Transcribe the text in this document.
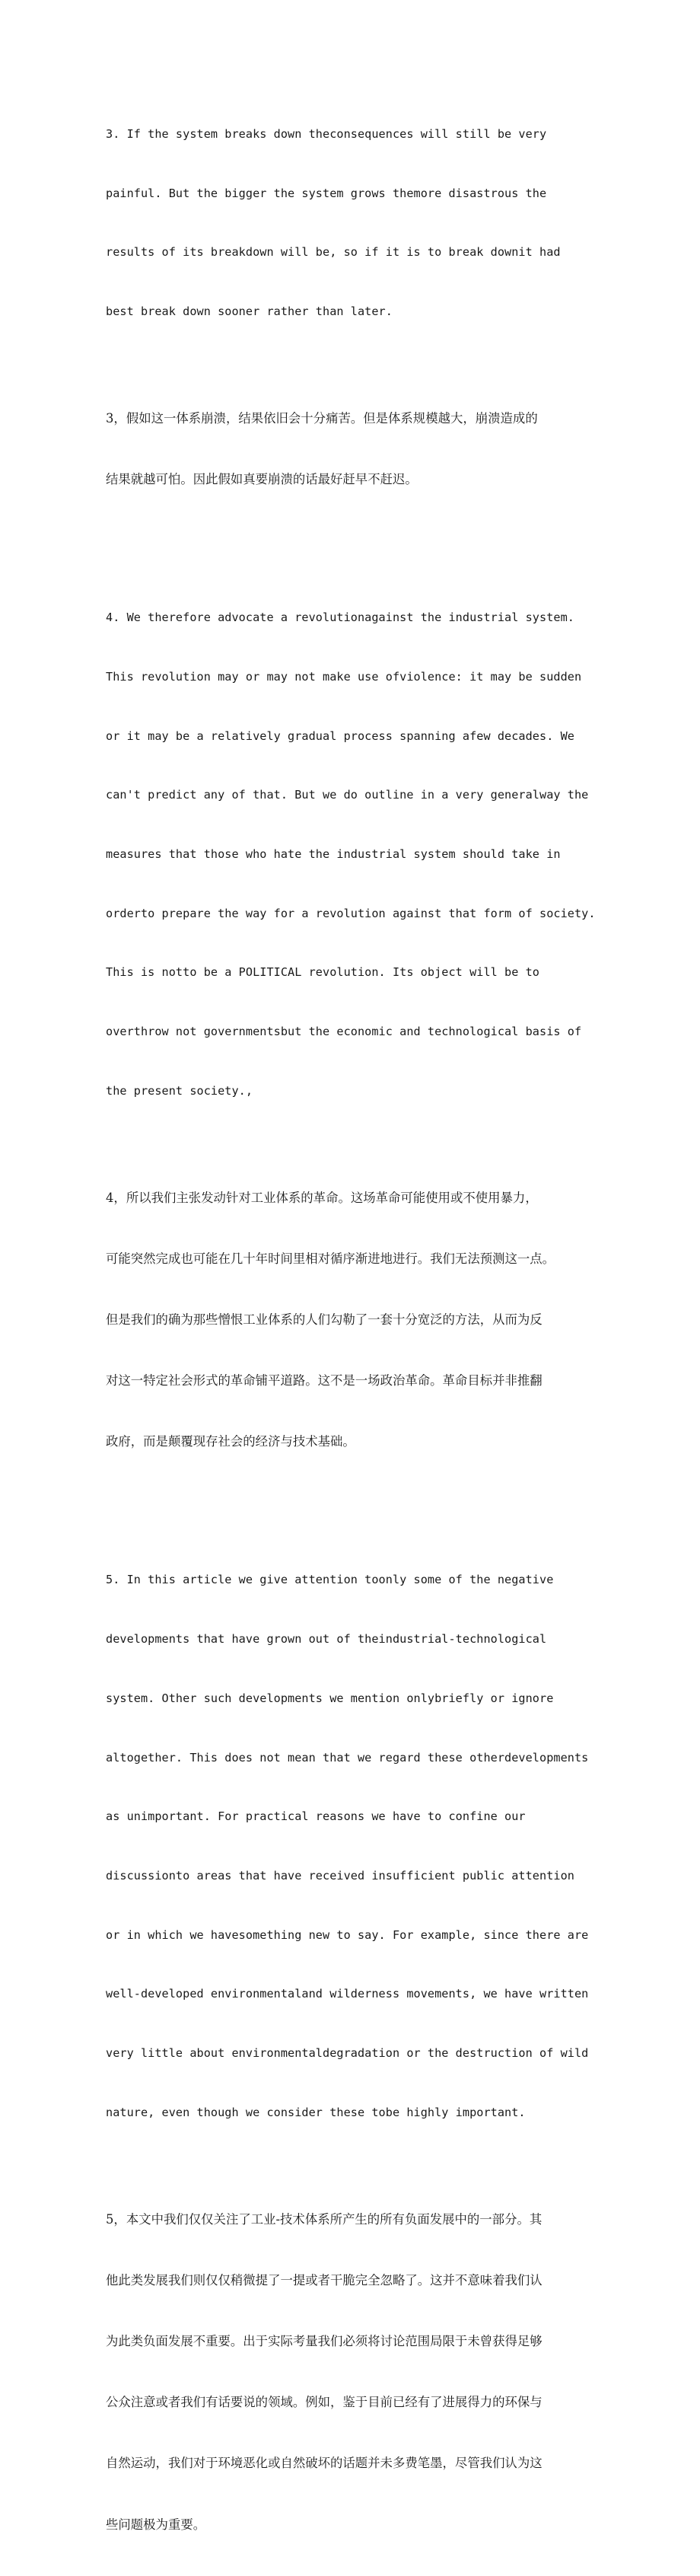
3. If the system breaks down theconsequences will still be very

painful. But the bigger the system grows themore disastrous the

results of its breakdown will be, so if it is to break downit had

best break down sooner rather than later.

3，假如这一体系崩溃，结果依旧会十分痛苦。但是体系规模越大，崩溃造成的

结果就越可怕。因此假如真要崩溃的话最好赶早不赶迟。

4. We therefore advocate a revolutionagainst the industrial system.

This revolution may or may not make use ofviolence: it may be sudden

or it may be a relatively gradual process spanning afew decades. We

can't predict any of that. But we do outline in a very generalway the

measures that those who hate the industrial system should take in

orderto prepare the way for a revolution against that form of society.

This is notto be a POLITICAL revolution. Its object will be to

overthrow not governmentsbut the economic and technological basis of

the present society.,

4，所以我们主张发动针对工业体系的革命。这场革命可能使用或不使用暴力，

可能突然完成也可能在几十年时间里相对循序渐进地进行。我们无法预测这一点。

但是我们的确为那些憎恨工业体系的人们勾勒了一套十分宽泛的方法，从而为反

对这一特定社会形式的革命铺平道路。这不是一场政治革命。革命目标并非推翻

政府，而是颠覆现存社会的经济与技术基础。

5. In this article we give attention toonly some of the negative

developments that have grown out of theindustrial-technological

system. Other such developments we mention onlybriefly or ignore

altogether. This does not mean that we regard these otherdevelopments

as unimportant. For practical reasons we have to confine our

discussionto areas that have received insufficient public attention

or in which we havesomething new to say. For example, since there are

well-developed environmentaland wilderness movements, we have written

very little about environmentaldegradation or the destruction of wild

nature, even though we consider these tobe highly important.

5，本文中我们仅仅关注了工业-技术体系所产生的所有负面发展中的一部分。其

他此类发展我们则仅仅稍微提了一提或者干脆完全忽略了。这并不意味着我们认

为此类负面发展不重要。出于实际考量我们必须将讨论范围局限于未曾获得足够

公众注意或者我们有话要说的领域。例如，鉴于目前已经有了进展得力的环保与

自然运动，我们对于环境恶化或自然破坏的话题并未多费笔墨，尽管我们认为这

些问题极为重要。
